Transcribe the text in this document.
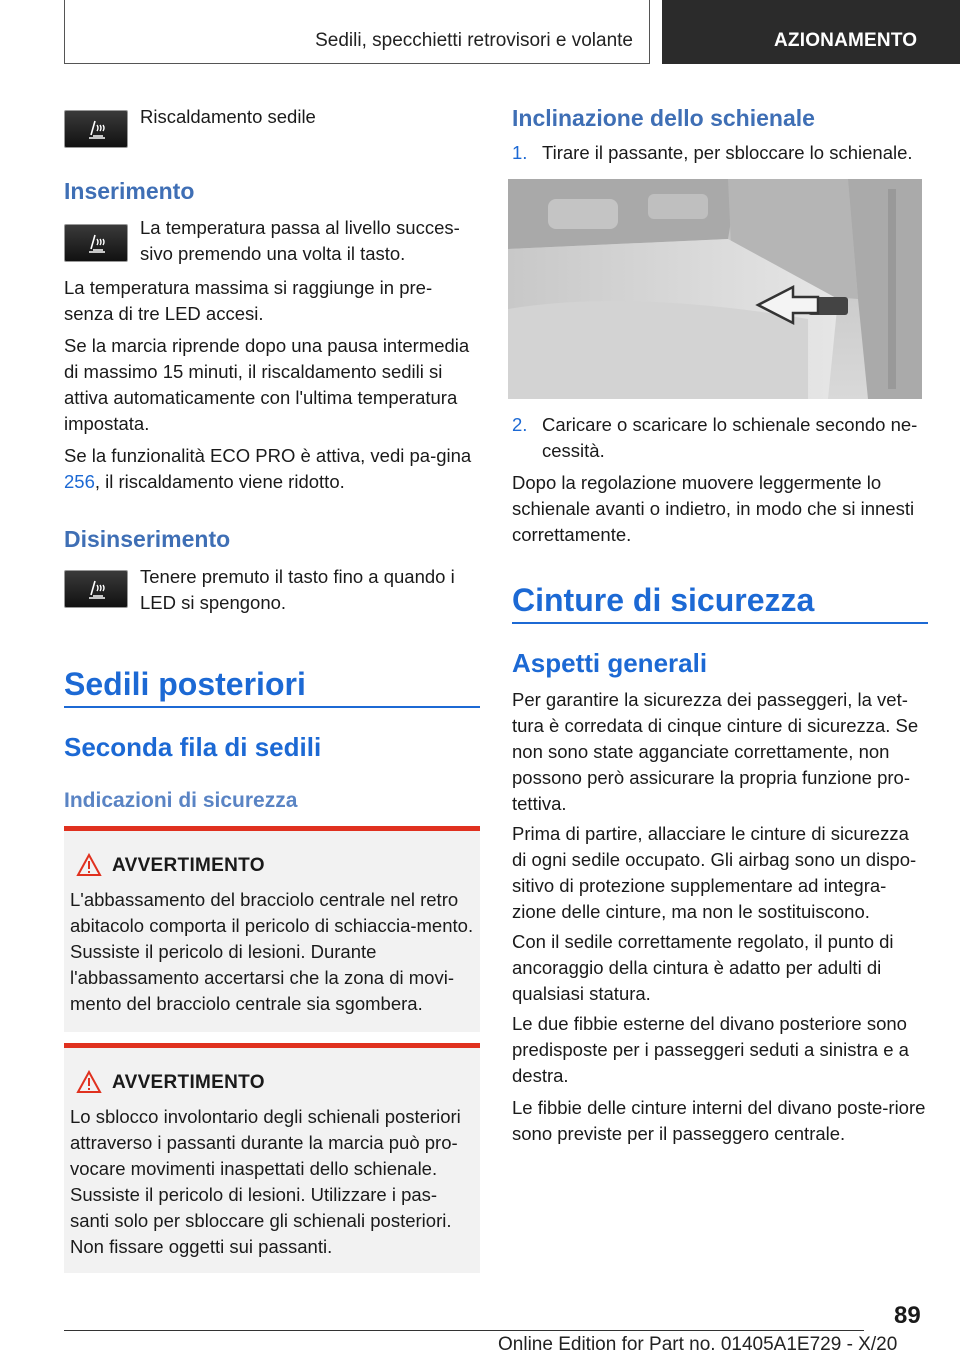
Sedili, specchietti retrovisori e volante	AZIONAMENTO
Riscaldamento sedile
Inserimento
La temperatura passa al livello succes-sivo premendo una volta il tasto.
La temperatura massima si raggiunge in pre-senza di tre LED accesi.
Se la marcia riprende dopo una pausa intermedia di massimo 15 minuti, il riscaldamento sedili si attiva automaticamente con l'ultima temperatura impostata.
Se la funzionalità ECO PRO è attiva, vedi pa-gina 256, il riscaldamento viene ridotto.
Disinserimento
Tenere premuto il tasto fino a quando i LED si spengono.
Sedili posteriori
Seconda fila di sedili
Indicazioni di sicurezza
AVVERTIMENTO
L'abbassamento del bracciolo centrale nel retro abitacolo comporta il pericolo di schiaccia-mento. Sussiste il pericolo di lesioni. Durante l'abbassamento accertarsi che la zona di movi-mento del bracciolo centrale sia sgombera.
AVVERTIMENTO
Lo sblocco involontario degli schienali posteriori attraverso i passanti durante la marcia può pro-vocare movimenti inaspettati dello schienale. Sussiste il pericolo di lesioni. Utilizzare i pas-santi solo per sbloccare gli schienali posteriori. Non fissare oggetti sui passanti.
Inclinazione dello schienale
1. Tirare il passante, per sbloccare lo schienale.
2. Caricare o scaricare lo schienale secondo ne-cessità.
Dopo la regolazione muovere leggermente lo schienale avanti o indietro, in modo che si innesti correttamente.
Cinture di sicurezza
Aspetti generali
Per garantire la sicurezza dei passeggeri, la vet-tura è corredata di cinque cinture di sicurezza. Se non sono state agganciate correttamente, non possono però assicurare la propria funzione pro-tettiva.
Prima di partire, allacciare le cinture di sicurezza di ogni sedile occupato. Gli airbag sono un dispo-sitivo di protezione supplementare ad integra-zione delle cinture, ma non le sostituiscono.
Con il sedile correttamente regolato, il punto di ancoraggio della cintura è adatto per adulti di qualsiasi statura.
Le due fibbie esterne del divano posteriore sono predisposte per i passeggeri seduti a sinistra e a destra.
Le fibbie delle cinture interni del divano poste-riore sono previste per il passeggero centrale.
89
Online Edition for Part no. 01405A1E729 - X/20
